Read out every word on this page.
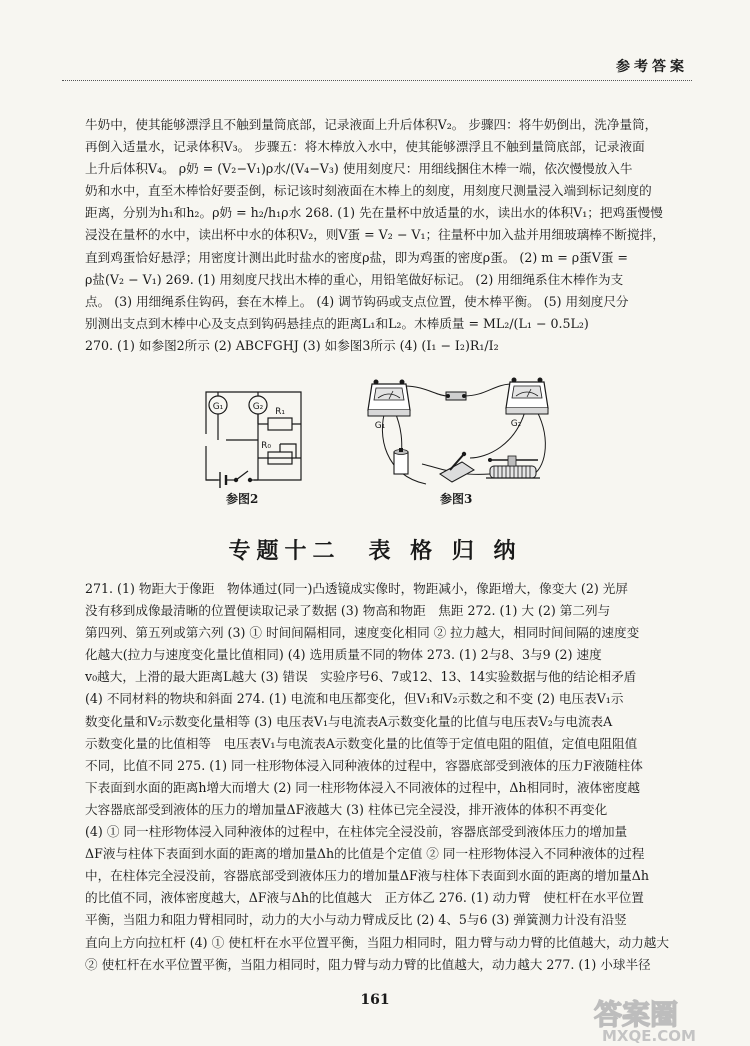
参考答案

牛奶中，使其能够漂浮且不触到量筒底部，记录液面上升后体积V₂。 步骤四：将牛奶倒出，洗净量筒，

再倒入适量水，记录体积V₃。 步骤五：将木棒放入水中，使其能够漂浮且不触到量筒底部，记录液面

上升后体积V₄。 ρ奶 = (V₂−V₁)ρ水/(V₄−V₃) 使用刻度尺：用细线捆住木棒一端，依次慢慢放入牛

奶和水中，直至木棒恰好要歪倒，标记该时刻液面在木棒上的刻度，用刻度尺测量浸入端到标记刻度的

距离，分别为h₁和h₂。ρ奶 = h₂/h₁ρ水 268. (1) 先在量杯中放适量的水，读出水的体积V₁；把鸡蛋慢慢

浸没在量杯的水中，读出杯中水的体积V₂，则V蛋 = V₂ − V₁；往量杯中加入盐并用细玻璃棒不断搅拌，

直到鸡蛋恰好悬浮；用密度计测出此时盐水的密度ρ盐，即为鸡蛋的密度ρ蛋。 (2) m = ρ蛋V蛋 =

ρ盐(V₂ − V₁) 269. (1) 用刻度尺找出木棒的重心，用铅笔做好标记。 (2) 用细绳系住木棒作为支

点。 (3) 用细绳系住钩码，套在木棒上。 (4) 调节钩码或支点位置，使木棒平衡。 (5) 用刻度尺分

别测出支点到木棒中心及支点到钩码悬挂点的距离L₁和L₂。木棒质量 = ML₂/(L₁ − 0.5L₂)

270. (1) 如参图2所示 (2) ABCFGHJ (3) 如参图3所示 (4) (I₁ − I₂)R₁/I₂

G₁	G₂ R₁
R₀
参图2
G₁	G₂
参图3
专题十二　表 格 归 纳

271. (1) 物距大于像距　物体通过(同一)凸透镜成实像时，物距减小，像距增大，像变大 (2) 光屏

没有移到成像最清晰的位置便读取记录了数据 (3) 物高和物距　焦距 272. (1) 大 (2) 第二列与

第四列、第五列或第六列 (3) ① 时间间隔相同，速度变化相同 ② 拉力越大，相同时间间隔的速度变

化越大(拉力与速度变化量比值相同) (4) 选用质量不同的物体 273. (1) 2与8、3与9 (2) 速度

v₀越大，上滑的最大距离L越大 (3) 错误　实验序号6、7或12、13、14实验数据与他的结论相矛盾

(4) 不同材料的物块和斜面 274. (1) 电流和电压都变化，但V₁和V₂示数之和不变 (2) 电压表V₁示

数变化量和V₂示数变化量相等 (3) 电压表V₁与电流表A示数变化量的比值与电压表V₂与电流表A

示数变化量的比值相等　电压表V₁与电流表A示数变化量的比值等于定值电阻的阻值，定值电阻阻值

不同，比值不同 275. (1) 同一柱形物体浸入同种液体的过程中，容器底部受到液体的压力F液随柱体

下表面到水面的距离h增大而增大 (2) 同一柱形物体浸入不同液体的过程中，Δh相同时，液体密度越

大容器底部受到液体的压力的增加量ΔF液越大 (3) 柱体已完全浸没，排开液体的体积不再变化

(4) ① 同一柱形物体浸入同种液体的过程中，在柱体完全浸没前，容器底部受到液体压力的增加量

ΔF液与柱体下表面到水面的距离的增加量Δh的比值是个定值 ② 同一柱形物体浸入不同种液体的过程

中，在柱体完全浸没前，容器底部受到液体压力的增加量ΔF液与柱体下表面到水面的距离的增加量Δh

的比值不同，液体密度越大，ΔF液与Δh的比值越大　正方体乙 276. (1) 动力臂　使杠杆在水平位置

平衡，当阻力和阻力臂相同时，动力的大小与动力臂成反比 (2) 4、5与6 (3) 弹簧测力计没有沿竖

直向上方向拉杠杆 (4) ① 使杠杆在水平位置平衡，当阻力相同时，阻力臂与动力臂的比值越大，动力越大

② 使杠杆在水平位置平衡，当阻力相同时，阻力臂与动力臂的比值越大，动力越大 277. (1) 小球半径

161	答案圈
MXQE.COM
